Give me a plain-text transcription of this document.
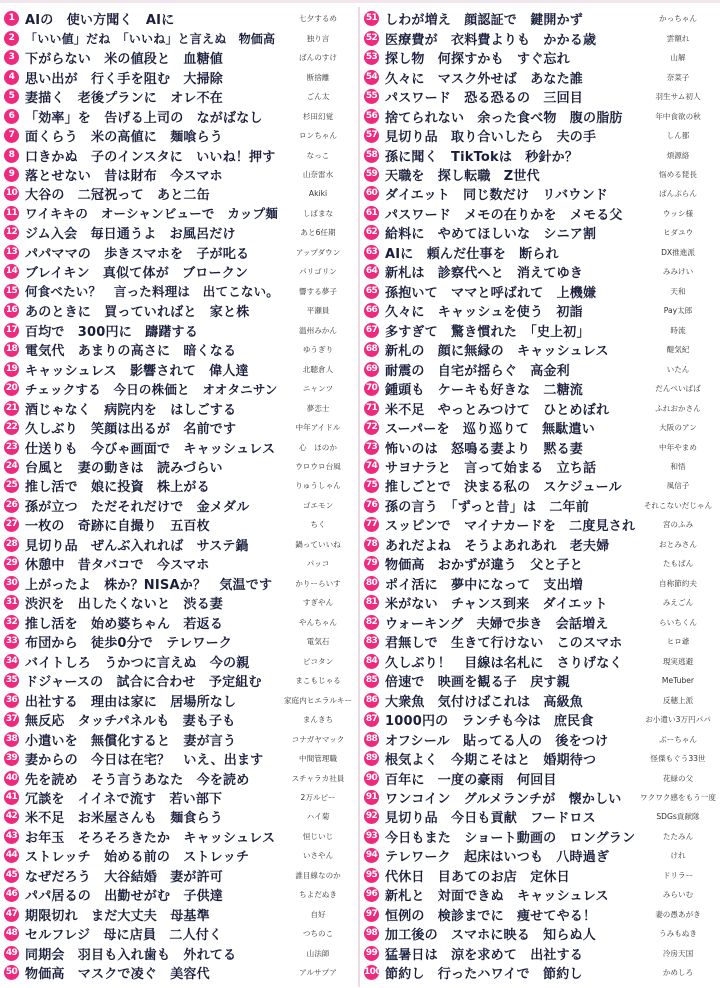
1 AIの　使い方聞く　AIに	七夕するめ
2 「いい値」だね　「いいね」と言えぬ　物価高	独り言
3 下がらない　米の値段と　血糖値	ばんのすけ
4 思い出が　行く手を阻む　大掃除	断捨離
5 妻描く　老後プランに　オレ不在	ごん太
6 「効率」を　告げる上司の　ながばなし	杉田幻覚
7 面くらう　米の高値に　麺喰らう	ロンちゃん
8 口きかぬ　子のインスタに　いいね！押す	なっこ
9 落とせない　昔は財布　今スマホ	山奈雷水
10 大谷の　二冠祝って　あと二缶	Akiki
11 ワイキキの　オーシャンビューで　カップ麺	しばまな
12 ジム入会　毎日通うよ　お風呂だけ	あと6任期
13 パパママの　歩きスマホを　子が叱る	アップダウン
14 ブレイキン　真似て体が　ブロークン	パリゴリン
15 何食べたい？　言った料理は　出てこない。	響する夢子
16 あのときに　買っていればと　家と株	平瀬員
17 百均で　300円に　躊躇する	温州みかん
18 電気代　あまりの高さに　暗くなる	ゆうぎり
19 キャッシュレス　影響されて　偉人達	北聴倉人
20 チェックする　今日の株価と　オオタニサン	ニャンツ
21 酒じゃなく　病院内を　はしごする	夢恋士
22 久しぶり　笑顔は出るが　名前です	中年アイドル
23 仕送りも　今びゃ画面で　キャッシュレス	心　ほのか
24 台風と　妻の動きは　読みづらい	ウロウロ台風
25 推し活で　娘に投資　株上がる	りゅうしゃん
26 孫が立つ　ただそれだけで　金メダル	ゴエモン
27 一枚の　奇跡に自撮り　五百枚	ちく
28 見切り品　ぜんぶ入れれば　サステ鍋	鍋っていいね
29 休憩中　昔タバコで　今スマホ	パッコ
30 上がったよ　株か？NISAか？　気温です	かりーらいす
31 渋沢を　出したくないと　渋る妻	すぎやん
32 推し活を　始め婆ちゃん　若返る	やんちゃん
33 布団から　徒歩0分で　テレワーク	電気石
34 バイトしろ　うかつに言えぬ　今の親	ビコタン
35 ドジャースの　試合に合わせ　予定組む	まこもじゃる
36 出社する　理由は家に　居場所なし	家庭内ヒエラルキー
37 無反応　タッチパネルも　妻も子も	まんきち
38 小遣いを　無償化すると　妻が言う	コナガヤマック
39 妻からの　今日は在宅？　いえ、出ます	中間管理職
40 先を読め　そう言うあなた　今を読め	スチャラカ社員
41 冗談を　イイネで流す　若い部下	2万ルピー
42 米不足　お米屋さんも　麺食らう	ハイ菊
43 お年玉　そろそろきたか　キャッシュレス	恒じいじ
44 ストレッチ　始める前の　ストレッチ	いさやん
45 なぜだろう　大谷結婚　妻が許可	誰目線なのか
46 パパ居るの　出勤せがむ　子供達	ちよだぬき
47 期限切れ　まだ大丈夫　母基準	自好
48 セルフレジ　母に店員　二人付く	つちのこ
49 同期会　羽目も入れ歯も　外れてる	山法師
50 物価高　マスクで凌ぐ　美容代	アルサプア
51 しわが増え　顔認証で　鍵開かず	かっちゃん
52 医療費が　衣料費よりも　かかる歳	雲額れ
53 探し物　何探すかも　すぐ忘れ	山解
54 久々に　マスク外せば　あなた誰	奈菜子
55 パスワード　恐る恐るの　三回目	羽生サム初人
56 捨てられない　余った食べ物　腹の脂肪	年中食欲の秋
57 見切り品　取り合いしたら　夫の手	しん都
58 孫に聞く　TikTokは　秒針か？	煩源絡
59 天職を　探し転職　Z世代	悩める琵長
60 ダイエット　同じ数だけ　リバウンド	ぱんぷらん
61 パスワード　メモの在りかを　メモる父	ウッシ様
62 給料に　やめてほしいな　シニア割	ヒダユウ
63 AIに　頼んだ仕事を　断られ	DX推進派
64 新札は　診察代へと　消えてゆき	みみけい
65 孫抱いて　ママと呼ばれて　上機嫌	天和
66 久々に　キャッシュを使う　初詣	Pay太郎
67 多すぎて　驚き慣れた　「史上初」	時流
68 新札の　顔に無縁の　キャッシュレス	醍気紀
69 耐震の　自宅が揺らぐ　高金利	いたん
70 鍾頭も　ケーキも好きな　二糖流	だんぺいばば
71 米不足　やっとみつけて　ひとめぼれ	ふれおかさん
72 スーパーを　巡り巡りて　無駄遣い	大阪のアン
73 怖いのは　怒鳴る妻より　黙る妻	中年やまめ
74 サヨナラと　言って始まる　立ち話	和悟
75 推しごとで　決まる私の　スケジュール	風信子
76 孫の言う　「ずっと昔」は　二年前	それこないだじゃん
77 スッピンで　マイナカードを　二度見され	宮のふみ
78 あれだよね　そうよあれあれ　老夫婦	おとみさん
79 物価高　おかずが違う　父と子と	たもばん
80 ポイ活に　夢中になって　支出増	自称節約夫
81 米がない　チャンス到来　ダイエット	みえごん
82 ウォーキング　夫婦で歩き　会話増え	らいちくん
83 君無しで　生きて行けない　このスマホ	ヒロ爺
84 久しぶり！　目線は名札に　さりげなく	現実逃避
85 倍速で　映画を観る子　戻す親	MeTuber
86 大衆魚　気付けばこれは　高級魚	反穂上派
87 1000円の　ランチも今は　庶民食	お小遣い3万円パパ
88 オフシール　貼ってる人の　後をつけ	ぶーちゃん
89 根気よく　今期こそはと　婚期待つ	怪傑もぐう33世
90 百年に　一度の豪雨　何回目	花緑の父
91 ワンコイン　グルメランチが　懐かしい	ワクワク感をもう一度
92 見切り品　今日も貢献　フードロス	SDGs貢献隊
93 今日もまた　ショート動画の　ロングラン	たたみん
94 テレワーク　起床はいつも　八時過ぎ	けれ
95 代休日　目あてのお店　定休日	ドリラー
96 新札と　対面できぬ　キャッシュレス	みらいむ
97 恒例の　検診までに　痩せてやる！	妻の愚あがき
98 加工後の　スマホに映る　知らぬ人	うみもぬき
99 猛暑日は　涼を求めて　出社する	冷房天国
100 節約し　行ったハワイで　節約し	かめしろ
